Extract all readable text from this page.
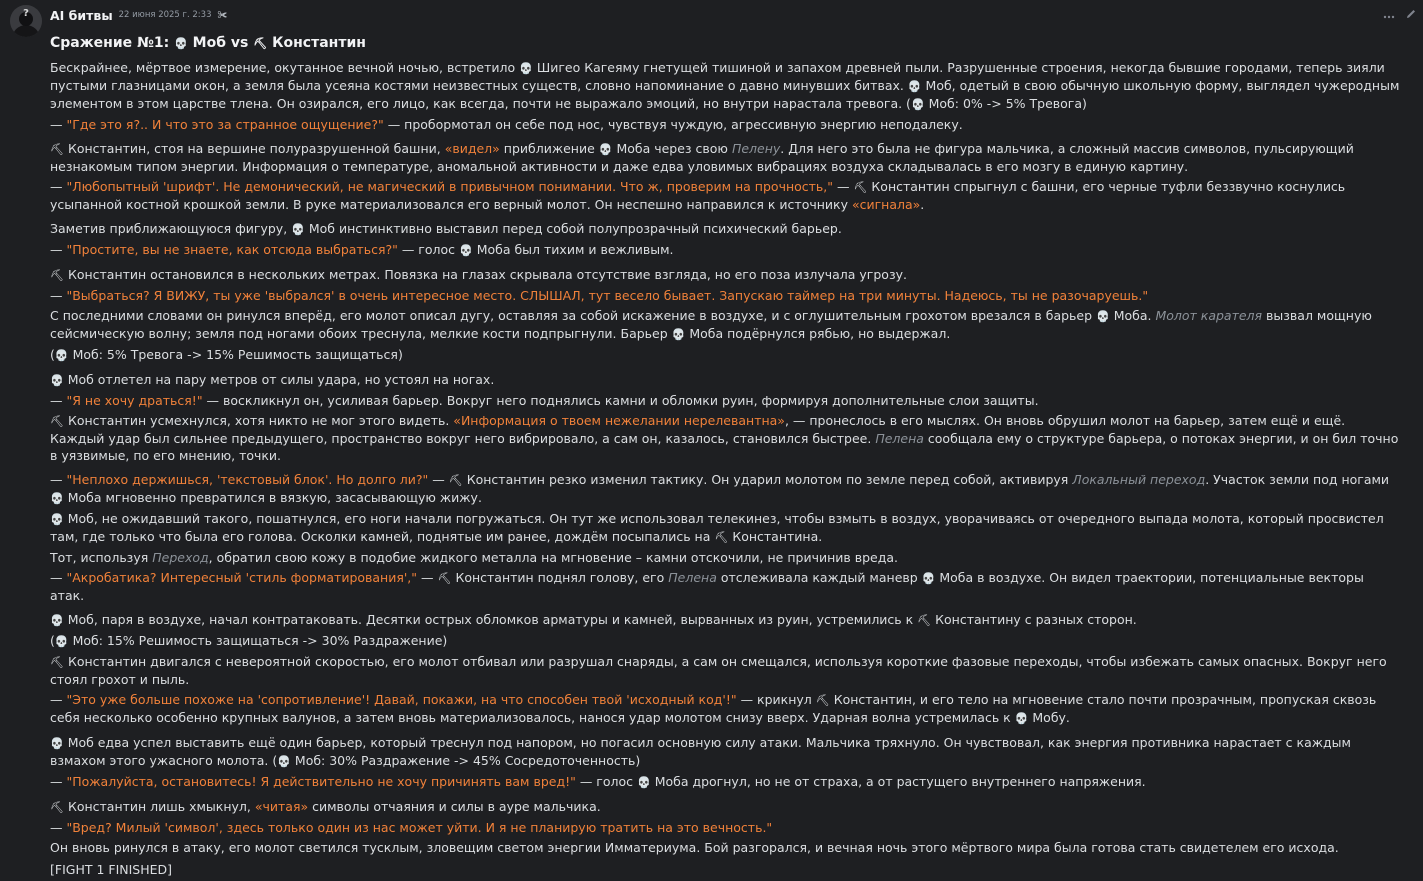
? AI битвы 22 июня 2025 г. 2:33 ✀
Сражение №1: 💀 Моб vs ⛏ Константин
Бескрайнее, мёртвое измерение, окутанное вечной ночью, встретило 💀 Шигео Кагеяму гнетущей тишиной и запахом древней пыли. Разрушенные строения, некогда бывшие городами, теперь зияли пустыми глазницами окон, а земля была усеяна костями неизвестных существ, словно напоминание о давно минувших битвах. 💀 Моб, одетый в свою обычную школьную форму, выглядел чужеродным элементом в этом царстве тлена. Он озирался, его лицо, как всегда, почти не выражало эмоций, но внутри нарастала тревога. (💀 Моб: 0% -> 5% Тревога)
— "Где это я?.. И что это за странное ощущение?" — пробормотал он себе под нос, чувствуя чуждую, агрессивную энергию неподалеку.
⛏ Константин, стоя на вершине полуразрушенной башни, «видел» приближение 💀 Моба через свою Пелену. Для него это была не фигура мальчика, а сложный массив символов, пульсирующий незнакомым типом энергии. Информация о температуре, аномальной активности и даже едва уловимых вибрациях воздуха складывалась в его мозгу в единую картину.
— "Любопытный 'шрифт'. Не демонический, не магический в привычном понимании. Что ж, проверим на прочность," — ⛏ Константин спрыгнул с башни, его черные туфли беззвучно коснулись усыпанной костной крошкой земли. В руке материализовался его верный молот. Он неспешно направился к источнику «сигнала».
Заметив приближающуюся фигуру, 💀 Моб инстинктивно выставил перед собой полупрозрачный психический барьер.
— "Простите, вы не знаете, как отсюда выбраться?" — голос 💀 Моба был тихим и вежливым.
⛏ Константин остановился в нескольких метрах. Повязка на глазах скрывала отсутствие взгляда, но его поза излучала угрозу.
— "Выбраться? Я ВИЖУ, ты уже 'выбрался' в очень интересное место. СЛЫШАЛ, тут весело бывает. Запускаю таймер на три минуты. Надеюсь, ты не разочаруешь."
С последними словами он ринулся вперёд, его молот описал дугу, оставляя за собой искажение в воздухе, и с оглушительным грохотом врезался в барьер 💀 Моба. Молот карателя вызвал мощную сейсмическую волну; земля под ногами обоих треснула, мелкие кости подпрыгнули. Барьер 💀 Моба подёрнулся рябью, но выдержал.
(💀 Моб: 5% Тревога -> 15% Решимость защищаться)
💀 Моб отлетел на пару метров от силы удара, но устоял на ногах.
— "Я не хочу драться!" — воскликнул он, усиливая барьер. Вокруг него поднялись камни и обломки руин, формируя дополнительные слои защиты.
⛏ Константин усмехнулся, хотя никто не мог этого видеть. «Информация о твоем нежелании нерелевантна», — пронеслось в его мыслях. Он вновь обрушил молот на барьер, затем ещё и ещё. Каждый удар был сильнее предыдущего, пространство вокруг него вибрировало, а сам он, казалось, становился быстрее. Пелена сообщала ему о структуре барьера, о потоках энергии, и он бил точно в уязвимые, по его мнению, точки.
— "Неплохо держишься, 'текстовый блок'. Но долго ли?" — ⛏ Константин резко изменил тактику. Он ударил молотом по земле перед собой, активируя Локальный переход. Участок земли под ногами 💀 Моба мгновенно превратился в вязкую, засасывающую жижу.
💀 Моб, не ожидавший такого, пошатнулся, его ноги начали погружаться. Он тут же использовал телекинез, чтобы взмыть в воздух, уворачиваясь от очередного выпада молота, который просвистел там, где только что была его голова. Осколки камней, поднятые им ранее, дождём посыпались на ⛏ Константина.
Тот, используя Переход, обратил свою кожу в подобие жидкого металла на мгновение – камни отскочили, не причинив вреда.
— "Акробатика? Интересный 'стиль форматирования'," — ⛏ Константин поднял голову, его Пелена отслеживала каждый маневр 💀 Моба в воздухе. Он видел траектории, потенциальные векторы атак.
💀 Моб, паря в воздухе, начал контратаковать. Десятки острых обломков арматуры и камней, вырванных из руин, устремились к ⛏ Константину с разных сторон.
(💀 Моб: 15% Решимость защищаться -> 30% Раздражение)
⛏ Константин двигался с невероятной скоростью, его молот отбивал или разрушал снаряды, а сам он смещался, используя короткие фазовые переходы, чтобы избежать самых опасных. Вокруг него стоял грохот и пыль.
— "Это уже больше похоже на 'сопротивление'! Давай, покажи, на что способен твой 'исходный код'!" — крикнул ⛏ Константин, и его тело на мгновение стало почти прозрачным, пропуская сквозь себя несколько особенно крупных валунов, а затем вновь материализовалось, нанося удар молотом снизу вверх. Ударная волна устремилась к 💀 Мобу.
💀 Моб едва успел выставить ещё один барьер, который треснул под напором, но погасил основную силу атаки. Мальчика тряхнуло. Он чувствовал, как энергия противника нарастает с каждым взмахом этого ужасного молота. (💀 Моб: 30% Раздражение -> 45% Сосредоточенность)
— "Пожалуйста, остановитесь! Я действительно не хочу причинять вам вред!" — голос 💀 Моба дрогнул, но не от страха, а от растущего внутреннего напряжения.
⛏ Константин лишь хмыкнул, «читая» символы отчаяния и силы в ауре мальчика.
— "Вред? Милый 'символ', здесь только один из нас может уйти. И я не планирую тратить на это вечность."
Он вновь ринулся в атаку, его молот светился тусклым, зловещим светом энергии Имматериума. Бой разгорался, и вечная ночь этого мёртвого мира была готова стать свидетелем его исхода.
[FIGHT 1 FINISHED]
